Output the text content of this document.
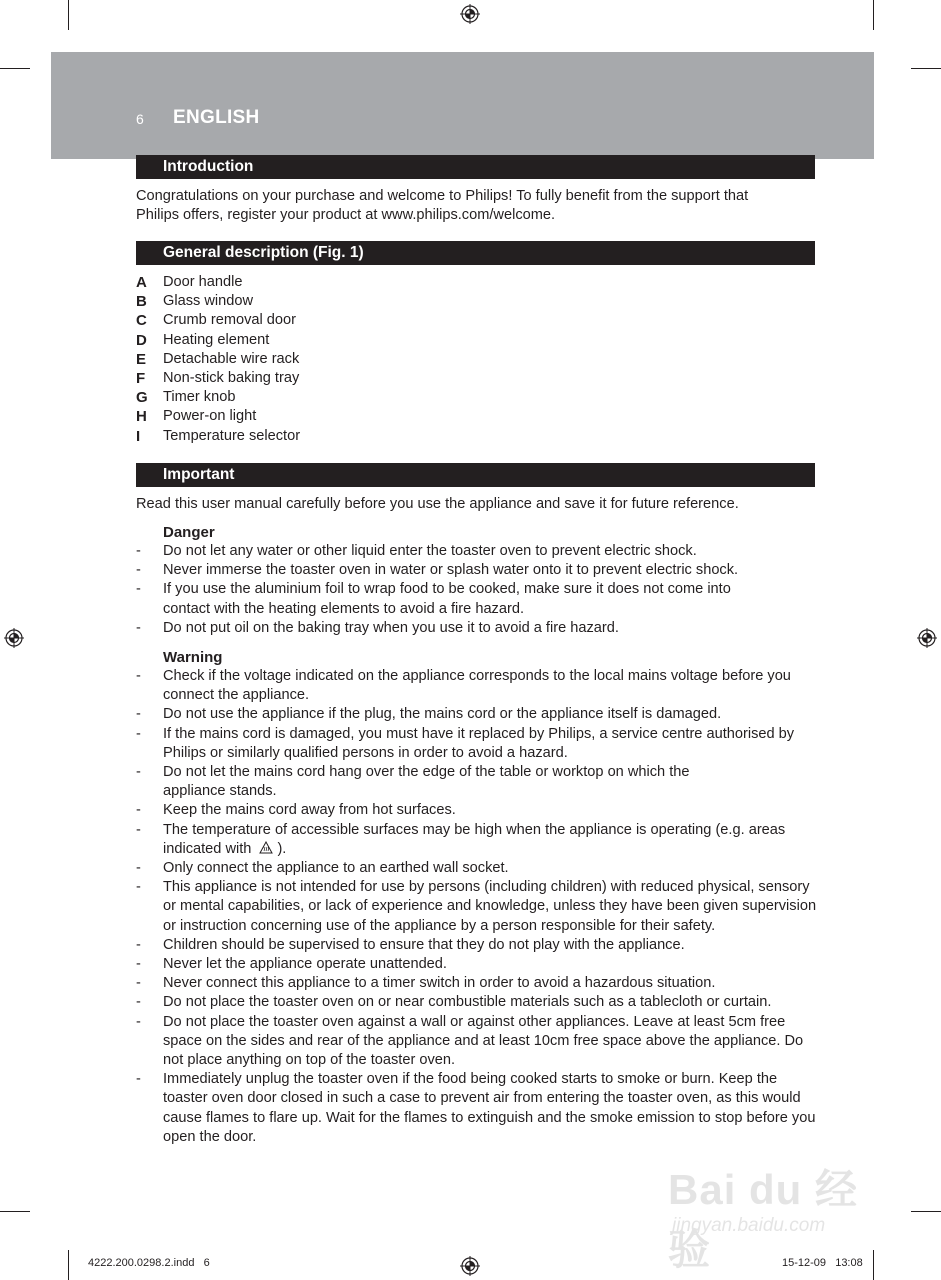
6 ENGLISH
Introduction

Congratulations on your purchase and welcome to Philips! To fully benefit from the support that
Philips offers, register your product at www.philips.com/welcome.

General description (Fig. 1)
A	Door handle
B	Glass window
C	Crumb removal door
D	Heating element
E	Detachable wire rack
F	Non-stick baking tray
G	Timer knob
H	Power-on light
I	Temperature selector
Important

Read this user manual carefully before you use the appliance and save it for future reference.

Danger
- Do not let any water or other liquid enter the toaster oven to prevent electric shock.
- Never immerse the toaster oven in water or splash water onto it to prevent electric shock.
- If you use the aluminium foil to wrap food to be cooked, make sure it does not come into contact with the heating elements to avoid a fire hazard.
- Do not put oil on the baking tray when you use it to avoid a fire hazard.
Warning
- Check if the voltage indicated on the appliance corresponds to the local mains voltage before you connect the appliance.
- Do not use the appliance if the plug, the mains cord or the appliance itself is damaged.
- If the mains cord is damaged, you must have it replaced by Philips, a service centre authorised by Philips or similarly qualified persons in order to avoid a hazard.
- Do not let the mains cord hang over the edge of the table or worktop on which the appliance stands.
- Keep the mains cord away from hot surfaces.
- The temperature of accessible surfaces may be high when the appliance is operating (e.g. areas indicated with ).
- Only connect the appliance to an earthed wall socket.
- This appliance is not intended for use by persons (including children) with reduced physical, sensory or mental capabilities, or lack of experience and knowledge, unless they have been given supervision or instruction concerning use of the appliance by a person responsible for their safety.
- Children should be supervised to ensure that they do not play with the appliance.
- Never let the appliance operate unattended.
- Never connect this appliance to a timer switch in order to avoid a hazardous situation.
- Do not place the toaster oven on or near combustible materials such as a tablecloth or curtain.
- Do not place the toaster oven against a wall or against other appliances. Leave at least 5cm free space on the sides and rear of the appliance and at least 10cm free space above the appliance. Do not place anything on top of the toaster oven.
- Immediately unplug the toaster oven if the food being cooked starts to smoke or burn. Keep the toaster oven door closed in such a case to prevent air from entering the toaster oven, as this would cause flames to flare up. Wait for the flames to extinguish and the smoke emission to stop before you open the door.
Bai du 经验
jingyan.baidu.com
4222.200.0298.2.indd   6	15-12-09   13:08
